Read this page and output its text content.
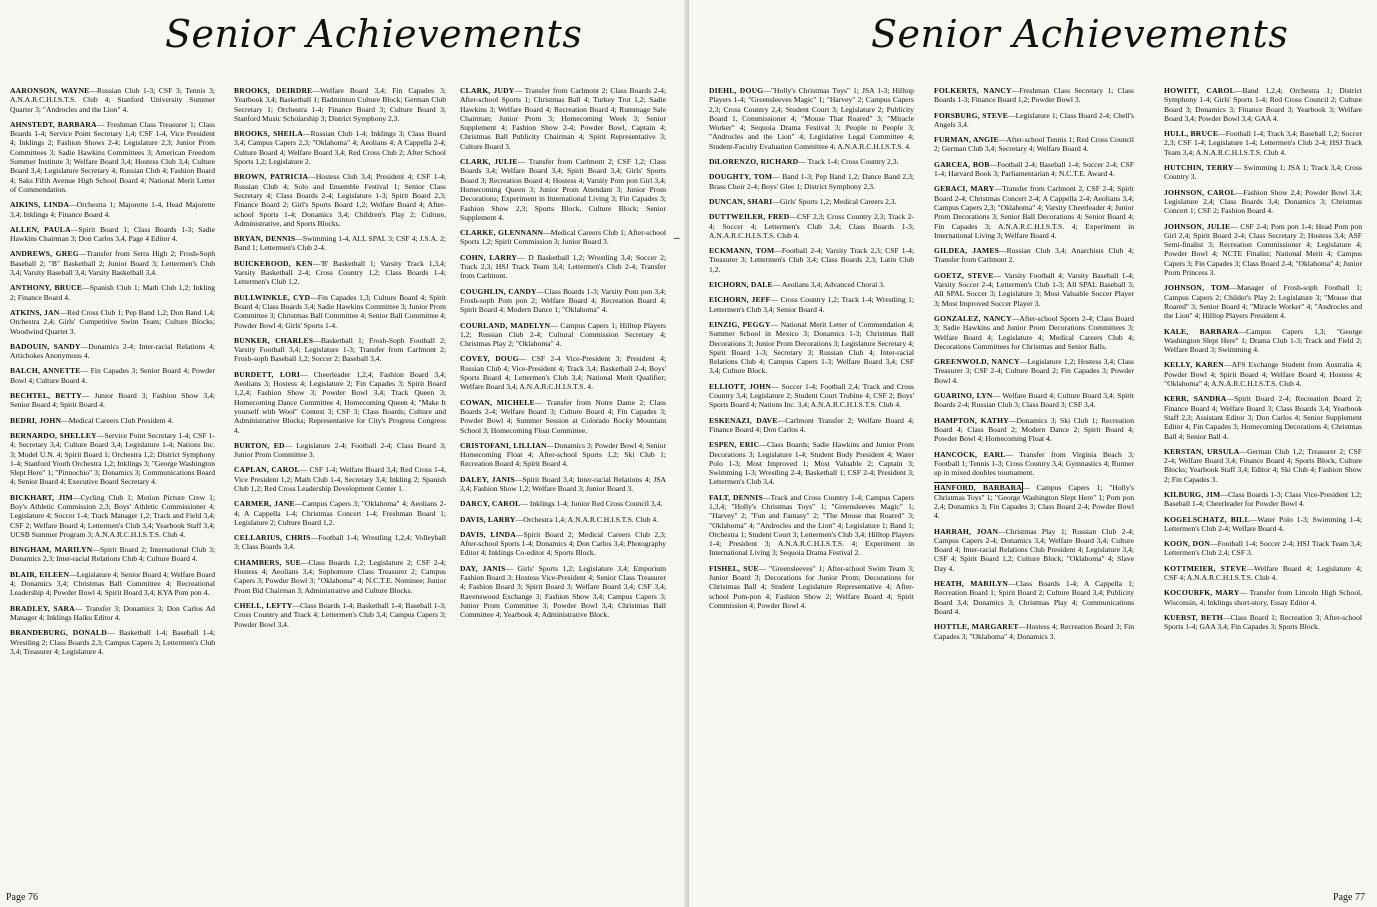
Senior Achievements

AARONSON, WAYNE—Russian Club 1-3; CSF 3; Tennis 3; A.N.A.R.C.H.I.S.T.S. Club 4; Stanford University Summer Quarter 3; "Androcles and the Lion" 4.

AHNSTEDT, BARBARA— Freshman Class Treasurer 1; Class Boards 1-4; Service Point Secretary 1,4; CSF 1-4, Vice President 4; Inklings 2; Fashion Shows 2-4; Legislature 2,3; Junior Prom Committees 3; Sadie Hawkins Committees 3; American Freedom Summer Institute 3; Welfare Board 3,4; Hostess Club 3,4; Culture Board 3,4; Legislature Secretary 4; Russian Club 4; Fashion Board 4; Saks Fifth Avenue High School Board 4; National Merit Letter of Commendation.

AIKINS, LINDA—Orchestra 1; Majorette 1-4, Head Majorette 3,4; Inklings 4; Finance Board 4.

ALLEN, PAULA—Spirit Board 1; Class Boards 1-3; Sadie Hawkins Chairman 3; Don Carlos 3,4, Page 4 Editor 4.

ANDREWS, GREG—Transfer from Serra High 2; Frosh-Soph Baseball 2; "B" Basketball 2; Junior Board 3; Lettermen's Club 3,4; Varsity Baseball 3,4; Varsity Basketball 3,4.

ANTHONY, BRUCE—Spanish Club 1; Math Club 1,2; Inkling 2; Finance Board 4.

ATKINS, JAN—Red Cross Club 1; Pep Band 1,2; Don Band 1,4; Orchestra 2,4; Girls' Competitive Swim Team; Culture Blocks; Woodwind Quartet 3.

BADOUIN, SANDY—Donamics 2-4; Inter-racial Relations 4; Artichokes Anonymous 4.

BALCH, ANNETTE— Fin Capades 3; Senior Board 4; Powder Bowl 4; Culture Board 4.

BECHTEL, BETTY— Junior Board 3; Fashion Show 3,4; Senior Board 4; Spirit Board 4.

BEDRI, JOHN—Medical Careers Club President 4.

BERNARDO, SHELLEY—Service Point Secretary 1-4; CSF 1-4; Secretary 3,4; Culture Board 3,4; Legislature 1-4; Nations Inc. 3; Model U.N. 4; Spirit Board 1; Orchestra 1,2; District Symphony 1-4; Stanford Youth Orchestra 1,2; Inklings 3; "George Washington Slept Here" 1; "Pinnochio" 3; Donamics 3; Communications Board 4; Senior Board 4; Executive Board Secretary 4.

BICKHART, JIM—Cycling Club 1; Motion Picture Crew 1; Boy's Athletic Commission 2,3; Boys' Athletic Commissioner 4; Legislature 4; Soccer 1-4; Track Manager 1,2; Track and Field 3,4; CSF 2; Welfare Board 4; Lettermen's Club 3,4; Yearbook Staff 3,4; UCSB Summer Program 3; A.N.A.R.C.H.I.S.T.S. Club 4.

BINGHAM, MARILYN—Spirit Board 2; International Club 3; Donamics 2,3; Inter-racial Relations Club 4; Culture Board 4.

BLAIR, EILEEN—Legislature 4; Senior Board 4; Welfare Board 4; Donamics 3,4; Christmas Ball Committee 4; Recreational Leadership 4; Powder Bowl 4; Spirit Board 3,4; KYA Pom pon 4.

BRADLEY, SARA— Transfer 3; Donamics 3; Don Carlos Ad Manager 4; Inklings Haiku Editor 4.

BRANDEBURG, DONALD— Basketball 1-4; Baseball 1-4; Wrestling 2; Class Boards 2,3; Campus Capers 3; Lettermen's Club 3,4; Treasurer 4; Legislature 4.

BROOKS, DEIRDRE—Welfare Board 3,4; Fin Capades 3; Yearbook 3,4; Basketball 1; Badminton Culture Block; German Club Secretary 1; Orchestra 1-4; Finance Board 3; Culture Board 3; Stanford Music Scholarship 3; District Symphony 2,3.

BROOKS, SHEILA—Russian Club 1-4; Inklings 3; Class Board 3,4; Campus Capers 2,3; "Oklahoma" 4; Aeolians 4; A Cappella 2-4; Culture Board 4; Welfare Board 3,4; Red Cross Club 2; After School Sports 1,2; Legislature 2.

BROWN, PATRICIA—Hostess Club 3,4; President 4; CSF 1-4; Russian Club 4; Solo and Ensemble Festival 1; Senior Class Secretary 4; Class Boards 2-4; Legislature 1-3; Spirit Board 2,3; Finance Board 2; Girl's Sports Board 1,2; Welfare Board 4; After-school Sports 1-4; Donamics 3,4; Children's Play 2; Culture, Administrative, and Sports Blocks.

BRYAN, DENNIS—Swimming 1-4, ALL SPAL 3; CSF 4; J.S.A. 2; Band 1; Lettermen's Club 2-4.

BUICKEROOD, KEN—'B' Basketball 1; Varsity Track 1,3,4; Varsity Basketball 2-4; Cross Country 1,2; Class Boards 1-4; Lettermen's Club 1,2.

BULLWINKLE, CYD—Fin Capades 1,3; Culture Board 4; Spirit Board 4; Class Boards 3,4; Sadie Hawkins Committee 3; Junior Prom Committee 3; Christmas Ball Committee 4; Senior Ball Committee 4; Powder Bowl 4; Girls' Sports 1-4.

BUNKER, CHARLES—Basketball 1; Frosh-Soph Football 2; Varsity Football 3,4; Legislature 1-3; Transfer from Carlmont 2; Frosh-soph Baseball 1,2; Soccer 2; Baseball 3,4.

BURDETT, LORI— Cheerleader 1,2,4; Fashion Board 3,4; Aeolians 3; Hostess 4; Legislature 2; Fin Capades 3; Spirit Board 1,2,4; Fashion Show 3; Powder Bowl 3,4; Track Queen 3; Homecoming Dance Committee 4; Homecoming Queen 4; "Make It yourself with Wool" Contest 3; CSF 3; Class Boards; Culture and Administrative Blocks; Representative for City's Progress Congress 4.

BURTON, ED— Legislature 2-4; Football 2-4; Class Board 3; Junior Prom Committee 3.

CAPLAN, CAROL— CSF 1-4; Welfare Board 3,4; Red Cross 1-4, Vice President 1,2; Math Club 1-4, Secretary 3,4; Inkling 2; Spanish Club 1,2; Red Cross Leadership Development Center 1.

CARMER, JANE—Campus Capers 3; "Oklahoma" 4; Aeolians 2-4; A Cappella 1-4; Christmas Concert 1-4; Freshman Board 1; Legislature 2; Culture Board 1,2.

CELLARIUS, CHRIS—Football 1-4; Wrestling 1,2,4; Volleyball 3; Class Boards 3,4.

CHAMBERS, SUE—Class Boards 1,2; Legislature 2; CSF 2-4; Hostess 4; Aeolians 3,4; Sophomore Class Treasurer 2; Campus Capers 3; Powder Bowl 3; "Oklahoma" 4; N.C.T.E. Nominee; Junior Prom Bid Chairman 3; Administrative and Culture Blocks.

CHELL, LEFTY—Class Boards 1-4; Basketball 1-4; Baseball 1-3; Cross Country and Track 4; Lettermen's Club 3,4; Campus Capers 3; Powder Bowl 3,4.

CLARK, JUDY— Transfer from Carlmont 2; Class Boards 2-4; After-school Sports 1; Christmas Ball 4; Turkey Trot 1,2; Sadie Hawkins 3; Welfare Board 4; Recreation Board 4; Rummage Sale Chairman; Junior Prom 3; Homecoming Week 3; Senior Supplement 4; Fashion Show 2-4; Powder Bowl, Captain 4; Christmas Ball Publicity Chairman 4; Spirit Representative 3; Culture Board 3.

CLARK, JULIE— Transfer from Carlmont 2; CSF 1,2; Class Boards 3,4; Welfare Board 3,4; Spirit Board 3,4; Girls' Sports Board 3; Recreation Board 4; Hostess 4; Varsity Pom pon Girl 3,4; Homecoming Queen 3; Junior Prom Attendant 3; Junior Prom Decorations; Experiment in International Living 3; Fin Capades 3; Fashion Show 2,3; Sports Block, Culture Block; Senior Supplement 4.

CLARKE, GLENNANN—Medical Careers Club 1; After-school Sports 1,2; Spirit Commission 3; Junior Board 3.

COHN, LARRY— D Basketball 1,2; Wrestling 3,4; Soccer 2; Track 2,3; HSJ Track Team 3,4; Lettermen's Club 2-4; Transfer from Carlmont.

COUGHLIN, CANDY—Class Boards 1-3; Varsity Pom pon 3,4; Frosh-soph Pom pon 2; Welfare Board 4; Recreation Board 4; Spirit Board 4; Modern Dance 1; "Oklahoma" 4.

COURLAND, MADELYN— Campus Capers 1; Hilltop Players 1,2; Russian Club 2-4; Cultural Commission Secretary 4; Christmas Play 2; "Oklahoma" 4.

COVEY, DOUG— CSF 2-4 Vice-President 3; President 4; Russian Club 4; Vice-President 4; Track 3,4; Basketball 2-4; Boys' Sports Board 4; Lettermen's Club 3,4; National Merit Qualifier; Welfare Board 3,4; A.N.A.R.C.H.I.S.T.S. 4.

COWAN, MICHELE— Transfer from Notre Dame 2; Class Boards 2-4; Welfare Board 3; Culture Board 4; Fin Capades 3; Powder Bowl 4; Summer Session at Colorado Rocky Mountain School 3; Homecoming Float Committee.

CRISTOFANI, LILLIAN—Donamics 3; Powder Bowl 4; Senior Homecoming Float 4; After-school Sports 1,2; Ski Club 1; Recreation Board 4; Spirit Board 4.

DALEY, JANIS—Spirit Board 3,4; Inter-racial Relations 4; JSA 3,4; Fashion Show 1,2; Welfare Board 3; Junior Board 3.

DARCY, CAROL— Inklings 1-4; Junior Red Cross Council 3,4.

DAVIS, LARRY—Orchestra 1,4; A.N.A.R.C.H.I.S.T.S. Club 4.

DAVIS, LINDA—Spirit Board 2; Medical Careers Club 2,3; After-school Sports 1-4; Donamics 4; Don Carlos 3,4; Photography Editor 4; Inklings Co-editor 4; Sports Block.

DAY, JANIS— Girls' Sports 1,2; Legislature 3,4; Emporium Fashion Board 3; Hostess Vice-President 4; Senior Class Treasurer 4; Fashion Board 3; Spirit Board 3; Welfare Board 3,4; CSF 3,4; Ravenswood Exchange 3; Fashion Show 3,4; Campus Capers 3; Junior Prom Committee 3; Powder Bowl 3,4; Christmas Ball Committee 4; Yearbook 4; Administrative Block.

Page 76
Senior Achievements
–

DIEHL, DOUG—"Holly's Christmas Toys" 1; JSA 1-3; Hilltop Players 1-4; "Greensleeves Magic" 1; "Harvey" 2; Campus Capers 2,3; Cross Country 2,4; Student Court 3; Legislature 2; Publicity Board 1, Commissioner 4; "Mouse That Roared" 3; "Miracle Worker" 4; Sequoia Drama Festival 3; People to People 3; "Androcles and the Lion" 4; Legislative Legal Committee 4; Student-Faculty Evaluation Committee 4; A.N.A.R.C.H.I.S.T.S. 4.

DiLORENZO, RICHARD— Track 1-4; Cross Country 2,3.

DOUGHTY, TOM— Band 1-3; Pep Band 1,2; Dance Band 2,3; Brass Choir 2-4; Boys' Glee 1; District Symphony 2,3.

DUNCAN, SHARI—Girls' Sports 1,2; Medical Careers 2,3.

DUTTWEILER, FRED—CSF 2,3; Cross Country 2,3; Track 2-4; Soccer 4; Lettermen's Club 3,4; Class Boards 1-3; A.N.A.R.C.H.I.S.T.S. Club 4.

ECKMANN, TOM—Football 2-4; Varsity Track 2,3; CSF 1-4; Treasurer 3; Lettermen's Club 3,4; Class Boards 2,3; Latin Club 1,2.

EICHORN, DALE— Aeolians 3,4; Advanced Choral 3.

EICHORN, JEFF— Cross Country 1,2; Track 1-4; Wrestling 1; Lettermen's Club 3,4; Senior Board 4.

EINZIG, PEGGY— National Merit Letter of Commendation 4; Summer School in Mexico 3; Donamics 1-3; Christmas Ball Decorations 3; Junior Prom Decorations 3; Legislature Secretary 4; Spirit Board 1-3; Secretary 3; Russian Club 4; Inter-racial Relations Club 4; Campus Capers 1-3; Welfare Board 3,4; CSF 3,4; Culture Block.

ELLIOTT, JOHN— Soccer 1-4; Football 2,4; Track and Cross Country 3,4; Legislature 2; Student Court Trubine 4; CSF 2; Boys' Sports Board 4; Nations Inc. 3,4; A.N.A.R.C.H.I.S.T.S. Club 4.

ESKENAZI, DAVE—Carlmont Transfer 2; Welfare Board 4; Finance Board 4; Don Carlos 4.

ESPEN, ERIC—Class Boards; Sadie Hawkins and Junior Prom Decorations 3; Legislature 1-4; Student Body President 4; Water Polo 1-3; Most Improved 1; Most Valuable 2; Captain 3; Swimming 1-3; Wrestling 2-4; Basketball 1; CSF 2-4; President 3; Lettermen's Club 3,4.

FALT, DENNIS—Track and Cross Country 1-4; Campus Capers 1,3,4; "Holly's Christmas Toys" 1; "Greensleeves Magic" 1; "Harvey" 2; "Fun and Fantasy" 2; "The Mouse that Roared" 3; "Oklahoma" 4; "Androcles and the Lion" 4; Legislature 1; Band 1; Orchestra 1; Student Court 3; Lettermen's Club 3,4; Hilltop Players 1-4; President 3; A.N.A.R.C.H.I.S.T.S. 4; Experiment in International Living 3; Sequoia Drama Festival 2.

FISHEL, SUE— "Greensleeves" 1; After-school Swim Team 3; Junior Board 3; Decorations for Junior Prom; Decorations for Christmas Ball 4; Student Legislature Representative 4; After-school Pom-pon 4; Fashion Show 2; Welfare Board 4; Spirit Commission 4; Powder Bowl 4.

FOLKERTS, NANCY—Freshman Class Secretary 1; Class Boards 1-3; Finance Board 1,2; Powder Bowl 3.

FORSBURG, STEVE—Legislature 1; Class Board 2-4; Chell's Angels 3,4.

FURMAN, ANGIE—After-school Tennis 1; Red Cross Council 2; German Club 3,4; Secretary 4; Welfare Board 4.

GARCEA, BOB—Football 2-4; Baseball 1-4; Soccer 2-4; CSF 1-4; Harvard Book 3; Parliamentarian 4; N.C.T.E. Award 4.

GERACI, MARY—Transfer from Carlmont 2, CSF 2-4; Spirit Board 2-4; Christmas Concert 2-4; A Cappella 2-4; Aeolians 3,4; Campus Capers 2,3; "Oklahoma" 4; Varsity Cheerleader 4; Junior Prom Decorations 3; Senior Ball Decorations 4; Senior Board 4; Fin Capades 3; A.N.A.R.C.H.I.S.T.S. 4; Experiment in International Living 3; Welfare Board 4.

GILDEA, JAMES—Russian Club 3,4; Anarchists Club 4; Transfer from Carlmont 2.

GOETZ, STEVE— Varsity Football 4; Varsity Baseball 1-4; Varsity Soccer 2-4; Lettermen's Club 1-3; All SPAL Baseball 3; All SPAL Soccer 3; Legislature 3; Most Valuable Soccer Player 3; Most Improved Soccer Player 3.

GONZALEZ, NANCY—After-school Sports 2-4; Class Board 3; Sadie Hawkins and Junior Prom Decorations Committees 3; Welfare Board 4; Legislature 4; Medical Careers Club 4; Decorations Committees for Christmas and Senior Balls.

GREENWOLD, NANCY—Legislature 1,2; Hostess 3,4; Class Treasurer 3; CSF 2-4; Culture Board 2; Fin Capades 3; Powder Bowl 4.

GUARINO, LYN— Welfare Board 4; Culture Board 3,4; Spirit Boards 2-4; Russian Club 3; Class Board 3; CSF 3,4.

HAMPTON, KATHY—Donamics 3; Ski Club 1; Recreation Board 4; Class Board 2; Modern Dance 2; Spirit Board 4; Powder Bowl 4; Homecoming Float 4.

HANCOCK, EARL— Transfer from Virginia Beach 3; Football 1; Tennis 1-3; Cross Country 3,4; Gymnastics 4; Runner up in mixed doubles tournament.

HANFORD, BARBARA— Campus Capers 1; "Holly's Christmas Toys" 1; "George Washington Slept Here" 1; Pom pon 2,4; Donamics 3; Fin Capades 3; Class Board 2-4; Powder Bowl 4.

HARRAH, JOAN—Christmas Play 1; Russian Club 2-4; Campus Capers 2-4; Donamics 3,4; Welfare Board 3,4; Culture Board 4; Inter-racial Relations Club President 4; Legislature 3,4; CSF 4; Spirit Board 1,2; Culture Block; "Oklahoma" 4; Slave Day 4.

HEATH, MARILYN—Class Boards 1-4; A Cappella 1; Recreation Board 1; Spirit Board 2; Culture Board 3,4; Publicity Board 3,4; Donamics 3; Christmas Play 4; Communications Board 4.

HOTTLE, MARGARET—Hostess 4; Recreation Board 3; Fin Capades 3; "Oklahoma" 4; Donamics 3.

HOWITT, CAROL—Band 1,2,4; Orchestra 1; District Symphony 1-4; Girls' Sports 1-4; Red Cross Council 2; Culture Board 3; Donamics 3; Finance Board 3; Yearbook 3; Welfare Board 3,4; Powder Bowl 3,4; GAA 4.

HULL, BRUCE—Football 1-4; Track 3,4; Baseball 1,2; Soccer 2,3; CSF 1-4; Legislature 1-4; Lettermen's Club 2-4; HSJ Track Team 3,4; A.N.A.R.C.H.I.S.T.S. Club 4.

HUTCHIN, TERRY— Swimming 1; JSA 1; Track 3,4; Cross Country 3.

JOHNSON, CAROL—Fashion Show 2,4; Powder Bowl 3,4; Legislature 2,4; Class Boards 3,4; Donamics 3; Christmas Concert 1; CSF 2; Fashion Board 4.

JOHNSON, JULIE— CSF 2-4; Pom pon 1-4; Head Pom pon Girl 2,4; Spirit Board 2-4; Class Secretary 2; Hostess 3,4; ASF Semi-finalist 3; Recreation Commissioner 4; Legislature 4; Powder Bowl 4; NCTE Finalist; National Merit 4; Campus Capers 3; Fin Capades 3; Class Board 2-4; "Oklahoma" 4; Junior Prom Princess 3.

JOHNSON, TOM—Manager of Frosh-soph Football 1; Campus Capers 2; Childer's Play 2; Legislature 3; "Mouse that Roared" 3; Senior Board 4; "Miracle Worker" 4; "Androcles and the Lion" 4; Hilltop Players President 4.

KALE, BARBARA—Campus Capers 1,3; "George Washington Slept Here" 1; Drama Club 1-3; Track and Field 2; Welfare Board 3; Swimming 4.

KELLY, KAREN—AFS Exchange Student from Australia 4; Powder Bowl 4; Spirit Board 4; Welfare Board 4; Hostess 4; "Oklahoma" 4; A.N.A.R.C.H.I.S.T.S. Club 4.

KERR, SANDRA—Spirit Board 2-4; Recreation Board 2; Finance Board 4; Welfare Board 3; Class Boards 3,4; Yearbook Staff 2,3; Assistant Editor 3; Don Carlos 4; Senior Supplement Editor 4; Fin Capades 3; Homecoming Decorations 4; Christmas Ball 4; Senior Ball 4.

KERSTAN, URSULA—German Club 1,2; Treasurer 2; CSF 2-4; Welfare Board 3,4; Finance Board 4; Sports Block, Culture Blocks; Yearbook Staff 3,4; Editor 4; Ski Club 4; Fashion Show 2; Fin Capades 3.

KILBURG, JIM—Class Boards 1-3; Class Vice-President 1,2; Baseball 1-4; Cheerleader for Powder Bowl 4.

KOGELSCHATZ, BILL—Water Polo 1-3; Swimming 1-4; Lettermen's Club 2-4; Welfare Board 4.

KOON, DON—Football 1-4; Soccer 2-4; HSJ Track Team 3,4; Lettermen's Club 2,4; CSF 3.

KOTTMEIER, STEVE—Welfare Board 4; Legislature 4; CSF 4; A.N.A.R.C.H.I.S.T.S. Club 4.

KOCOURFK, MARY— Transfer from Lincoln High School, Wisconsin, 4; Inklings short-story, Essay Editor 4.

KUERST, BETH—Class Board 1; Recreation 3; After-school Sports 1-4; GAA 3,4; Fin Capades 3; Sports Block.

Page 77
